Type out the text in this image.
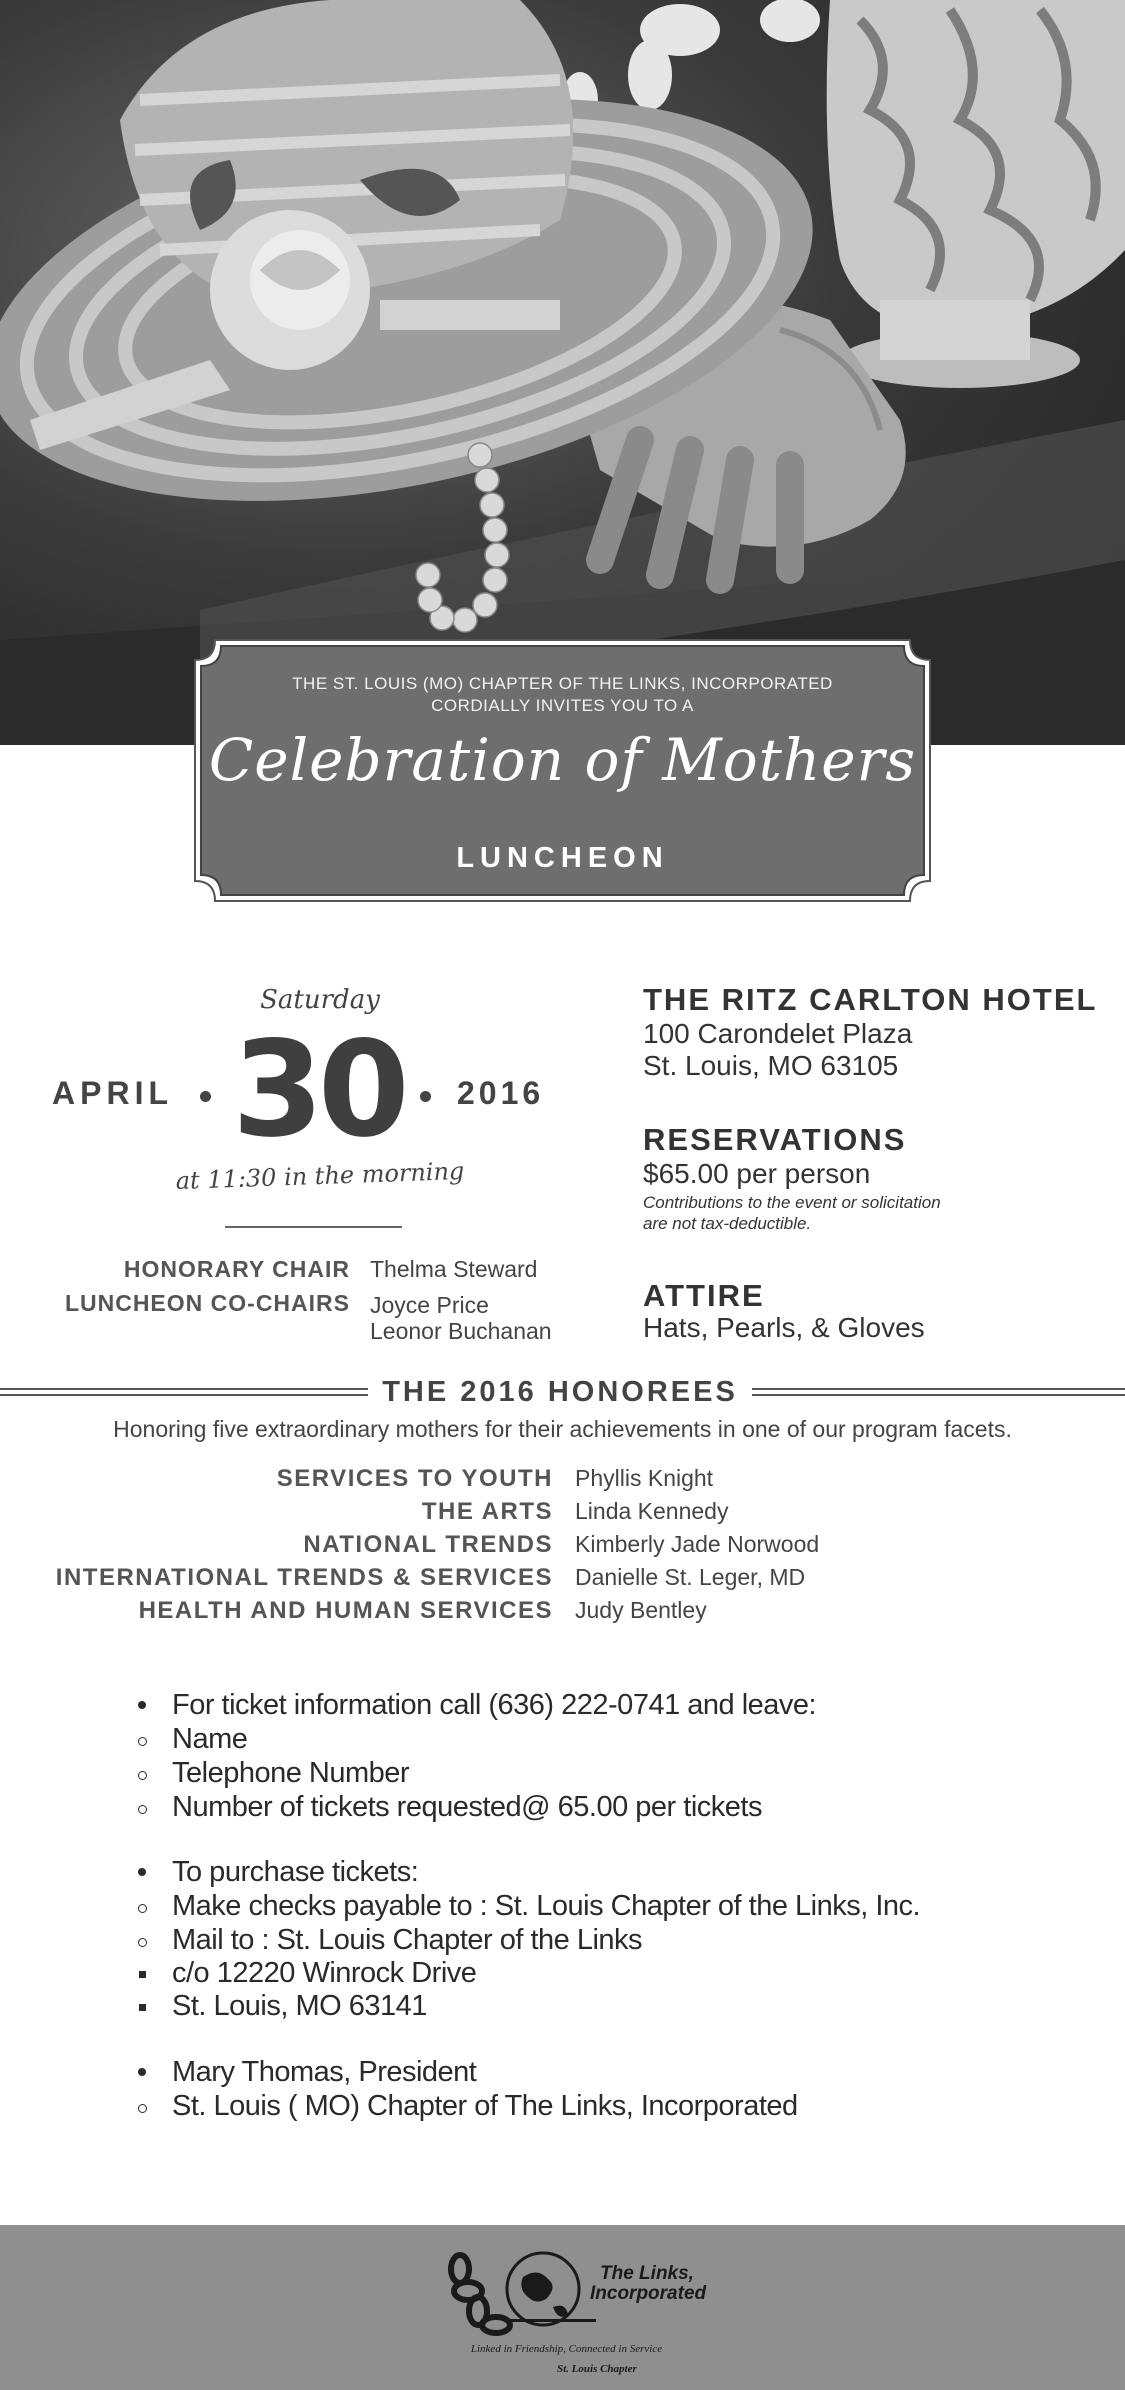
THE ST. LOUIS (MO) CHAPTER OF THE LINKS, INCORPORATED
CORDIALLY INVITES YOU TO A
Celebration of Mothers
LUNCHEON
Saturday
APRIL 30 2016
at 11:30 in the morning
HONORARY CHAIR Thelma Steward
LUNCHEON CO-CHAIRS Joyce Price
Leonor Buchanan
THE RITZ CARLTON HOTEL
100 Carondelet Plaza
St. Louis, MO 63105
RESERVATIONS
$65.00 per person
Contributions to the event or solicitation
are not tax-deductible.
ATTIRE
Hats, Pearls, & Gloves
THE 2016 HONOREES
Honoring five extraordinary mothers for their achievements in one of our program facets.
SERVICES TO YOUTH Phyllis Knight
THE ARTS Linda Kennedy
NATIONAL TRENDS Kimberly Jade Norwood
INTERNATIONAL TRENDS & SERVICES Danielle St. Leger, MD
HEALTH AND HUMAN SERVICES Judy Bentley
For ticket information call (636) 222-0741 and leave:
Name
Telephone Number
Number of tickets requested@ 65.00 per tickets
To purchase tickets:
Make checks payable to : St. Louis Chapter of the Links, Inc.
Mail to : St. Louis Chapter of the Links
c/o 12220 Winrock Drive
St. Louis, MO 63141
Mary Thomas, President
St. Louis ( MO) Chapter of The Links, Incorporated
The Links,
Incorporated
Linked in Friendship, Connected in Service
St. Louis Chapter
